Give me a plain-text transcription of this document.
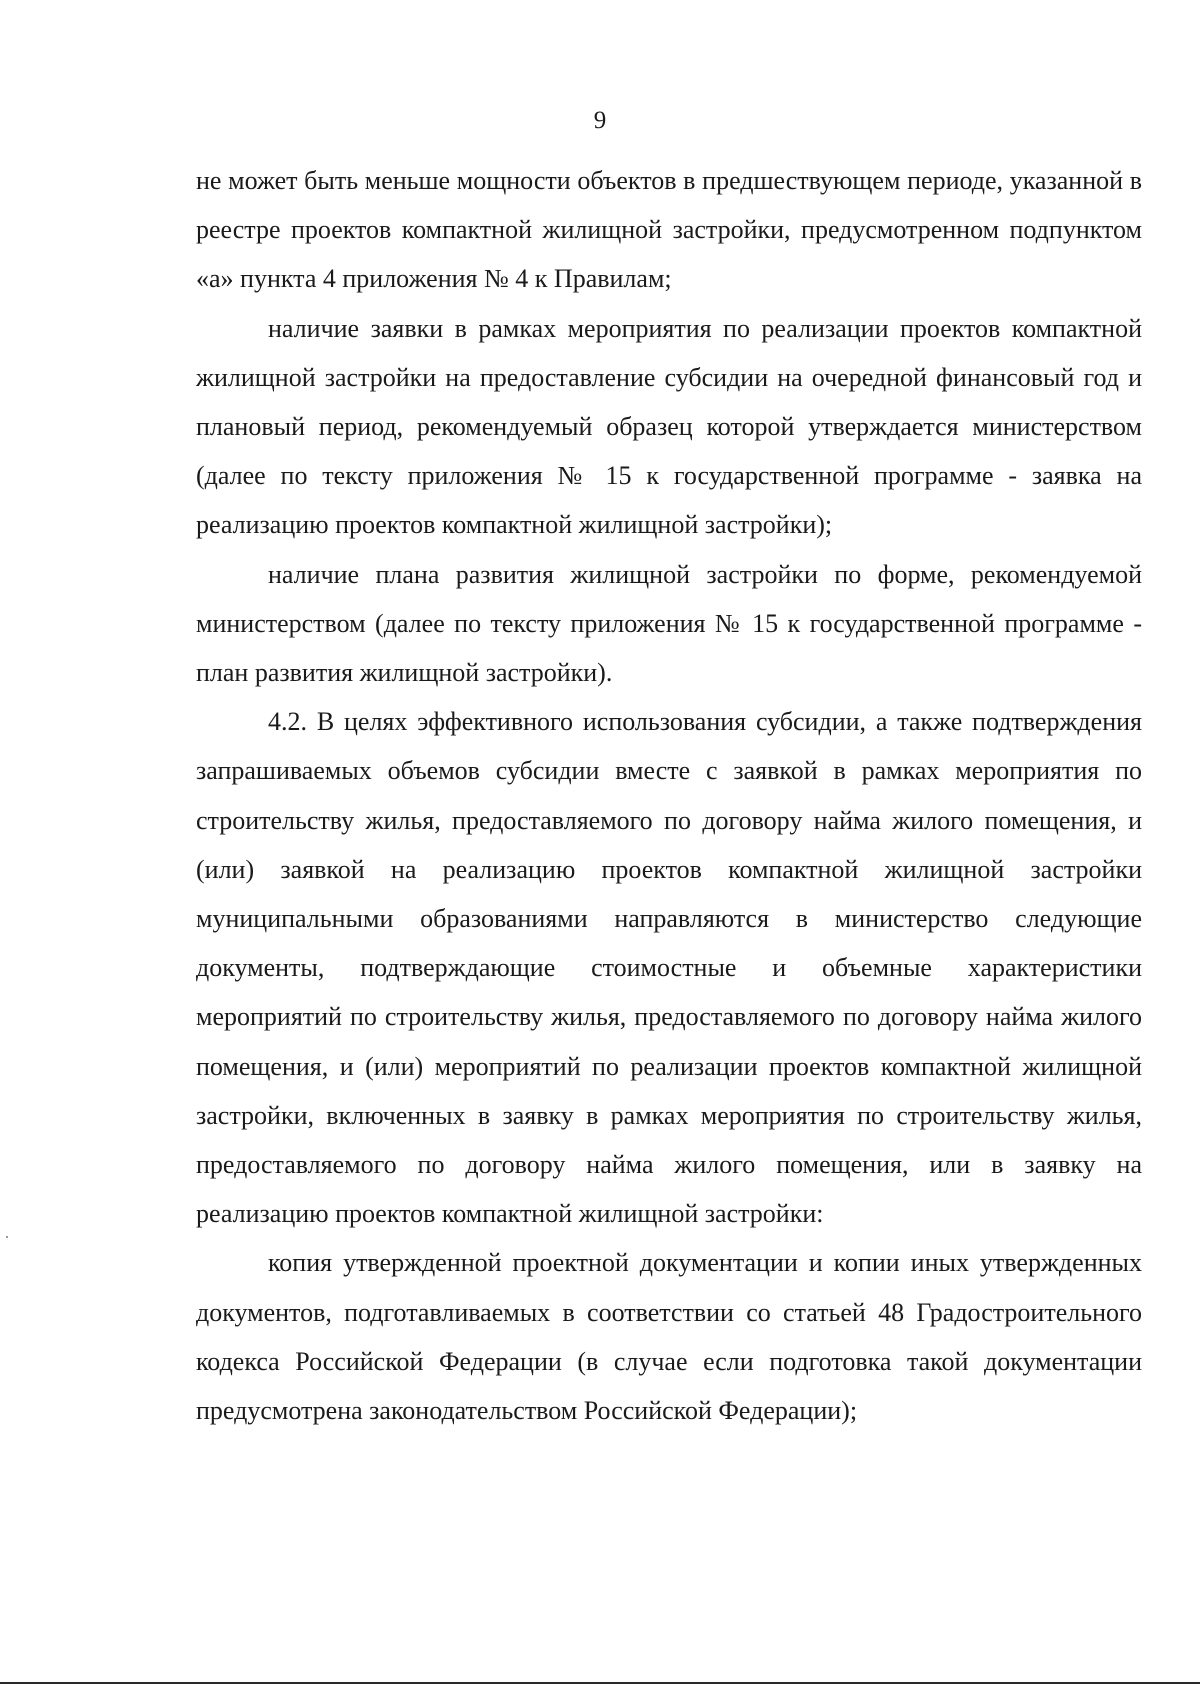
9

не может быть меньше мощности объектов в предшествующем периоде, указанной в реестре проектов компактной жилищной застройки, предусмотренном подпунктом «а» пункта 4 приложения № 4 к Правилам;

наличие заявки в рамках мероприятия по реализации проектов компактной жилищной застройки на предоставление субсидии на очередной финансовый год и плановый период, рекомендуемый образец которой утверждается министерством (далее по тексту приложения № 15 к государственной программе - заявка на реализацию проектов компактной жилищной застройки);

наличие плана развития жилищной застройки по форме, рекомендуемой министерством (далее по тексту приложения № 15 к государственной программе - план развития жилищной застройки).

4.2. В целях эффективного использования субсидии, а также подтверждения запрашиваемых объемов субсидии вместе с заявкой в рамках мероприятия по строительству жилья, предоставляемого по договору найма жилого помещения, и (или) заявкой на реализацию проектов компактной жилищной застройки муниципальными образованиями направляются в министерство следующие документы, подтверждающие стоимостные и объемные характеристики мероприятий по строительству жилья, предоставляемого по договору найма жилого помещения, и (или) мероприятий по реализации проектов компактной жилищной застройки, включенных в заявку в рамках мероприятия по строительству жилья, предоставляемого по договору найма жилого помещения, или в заявку на реализацию проектов компактной жилищной застройки:

копия утвержденной проектной документации и копии иных утвержденных документов, подготавливаемых в соответствии со статьей 48 Градостроительного кодекса Российской Федерации (в случае если подготовка такой документации предусмотрена законодательством Российской Федерации);
